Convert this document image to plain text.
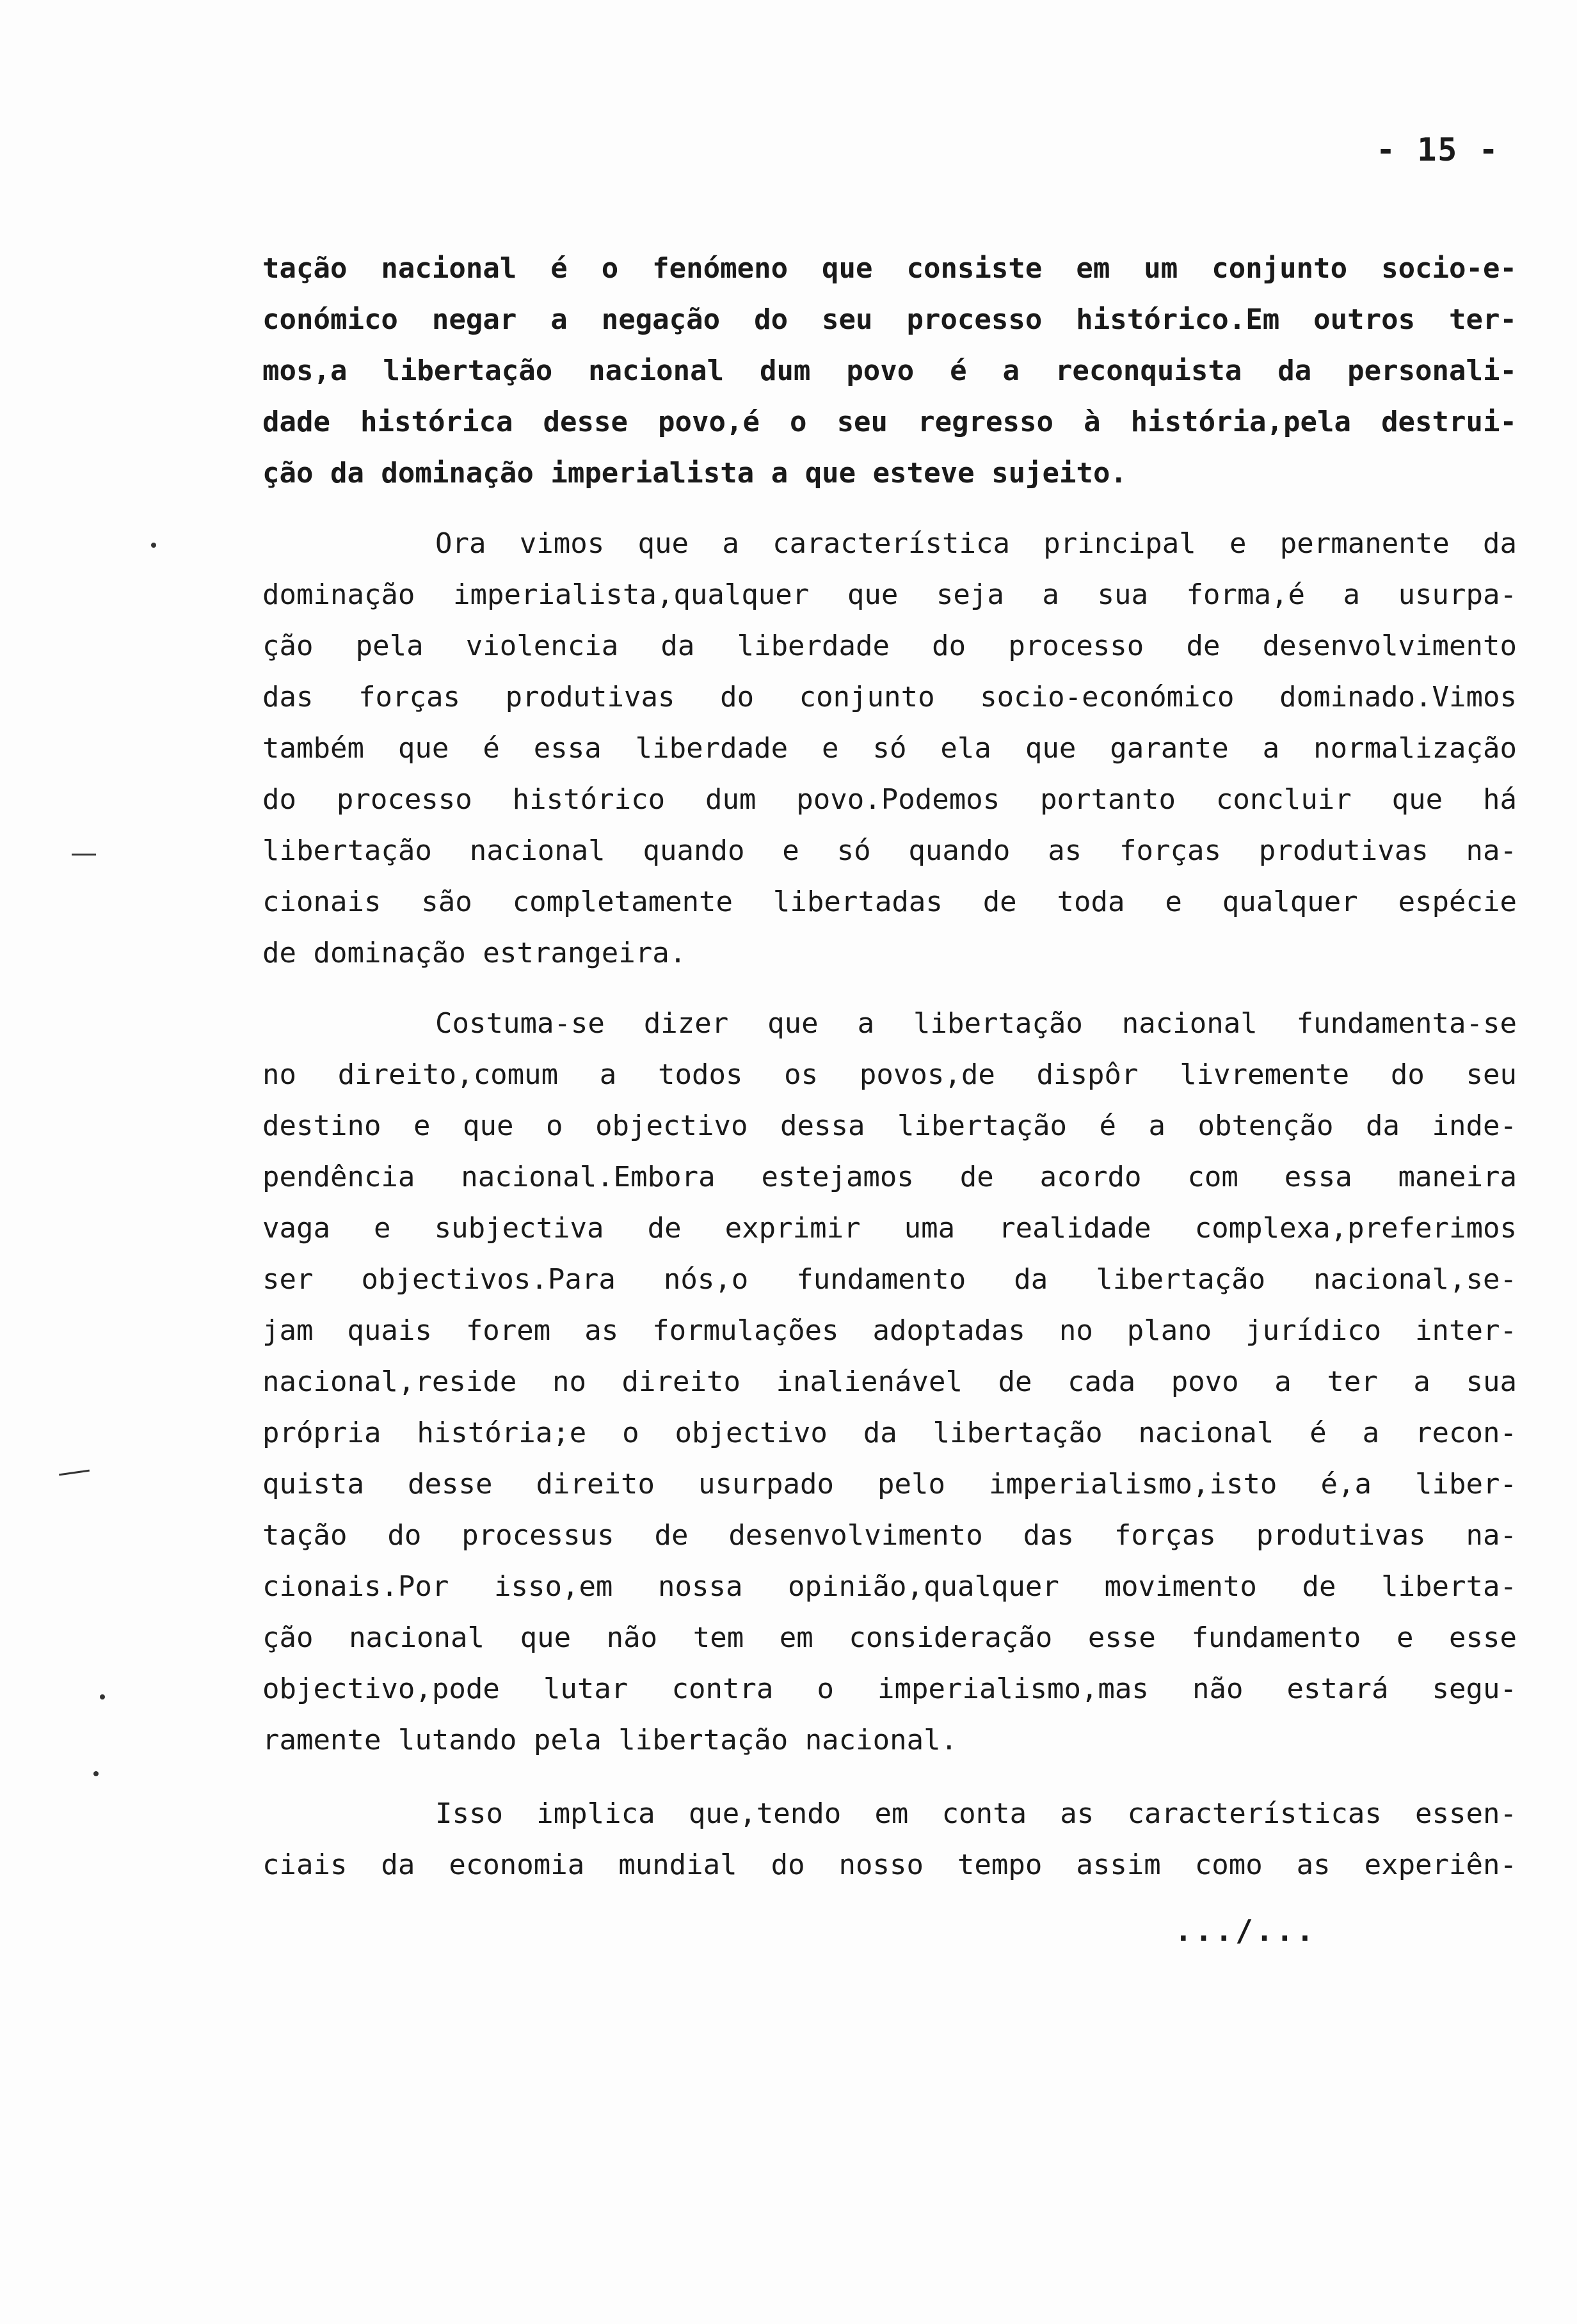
- 15 -
tação nacional é o fenómeno que consiste em um conjunto socio-e-
conómico negar a negação do seu processo histórico.Em outros ter-
mos,a libertação nacional dum povo é a reconquista da personali-
dade histórica desse povo,é o seu regresso à história,pela destrui-
ção da dominação imperialista a que esteve sujeito.
Ora vimos que a característica principal e permanente da
dominação imperialista,qualquer que seja a sua forma,é a usurpa-
ção pela violencia da liberdade do processo de desenvolvimento
das forças produtivas do conjunto socio-económico dominado.Vimos
também que é essa liberdade e só ela que garante a normalização
do processo histórico dum povo.Podemos portanto concluir que há
libertação nacional quando e só quando as forças produtivas na-
cionais são completamente libertadas de toda e qualquer espécie
de dominação estrangeira.
Costuma-se dizer que a libertação nacional fundamenta-se
no direito,comum a todos os povos,de dispôr livremente do seu
destino e que o objectivo dessa libertação é a obtenção da inde-
pendência nacional.Embora estejamos de acordo com essa maneira
vaga e subjectiva de exprimir uma realidade complexa,preferimos
ser objectivos.Para nós,o fundamento da libertação nacional,se-
jam quais forem as formulações adoptadas no plano jurídico inter-
nacional,reside no direito inalienável de cada povo a ter a sua
própria história;e o objectivo da libertação nacional é a recon-
quista desse direito usurpado pelo imperialismo,isto é,a liber-
tação do processus de desenvolvimento das forças produtivas na-
cionais.Por isso,em nossa opinião,qualquer movimento de liberta-
ção nacional que não tem em consideração esse fundamento e esse
objectivo,pode lutar contra o imperialismo,mas não estará segu-
ramente lutando pela libertação nacional.
Isso implica que,tendo em conta as características essen-
ciais da economia mundial do nosso tempo assim como as experiên-
.../...
